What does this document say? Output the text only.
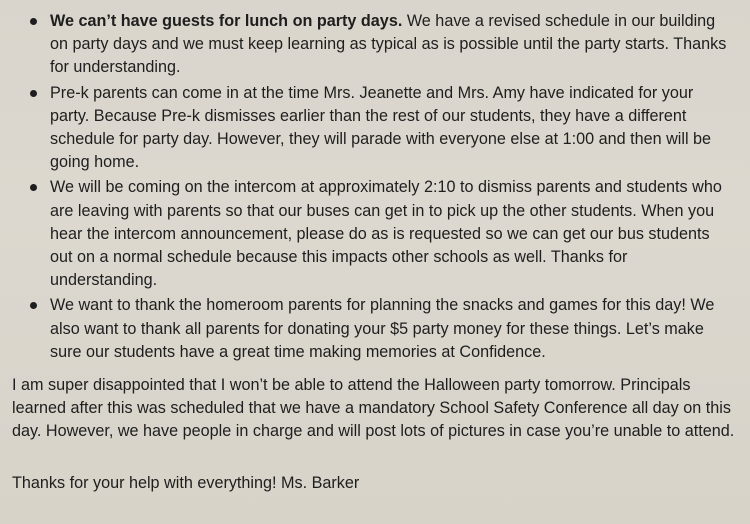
We can’t have guests for lunch on party days. We have a revised schedule in our building on party days and we must keep learning as typical as is possible until the party starts. Thanks for understanding.
Pre-k parents can come in at the time Mrs. Jeanette and Mrs. Amy have indicated for your party. Because Pre-k dismisses earlier than the rest of our students, they have a different schedule for party day. However, they will parade with everyone else at 1:00 and then will be going home.
We will be coming on the intercom at approximately 2:10 to dismiss parents and students who are leaving with parents so that our buses can get in to pick up the other students. When you hear the intercom announcement, please do as is requested so we can get our bus students out on a normal schedule because this impacts other schools as well. Thanks for understanding.
We want to thank the homeroom parents for planning the snacks and games for this day! We also want to thank all parents for donating your $5 party money for these things. Let’s make sure our students have a great time making memories at Confidence.

I am super disappointed that I won’t be able to attend the Halloween party tomorrow. Principals learned after this was scheduled that we have a mandatory School Safety Conference all day on this day. However, we have people in charge and will post lots of pictures in case you’re unable to attend.

Thanks for your help with everything! Ms. Barker
